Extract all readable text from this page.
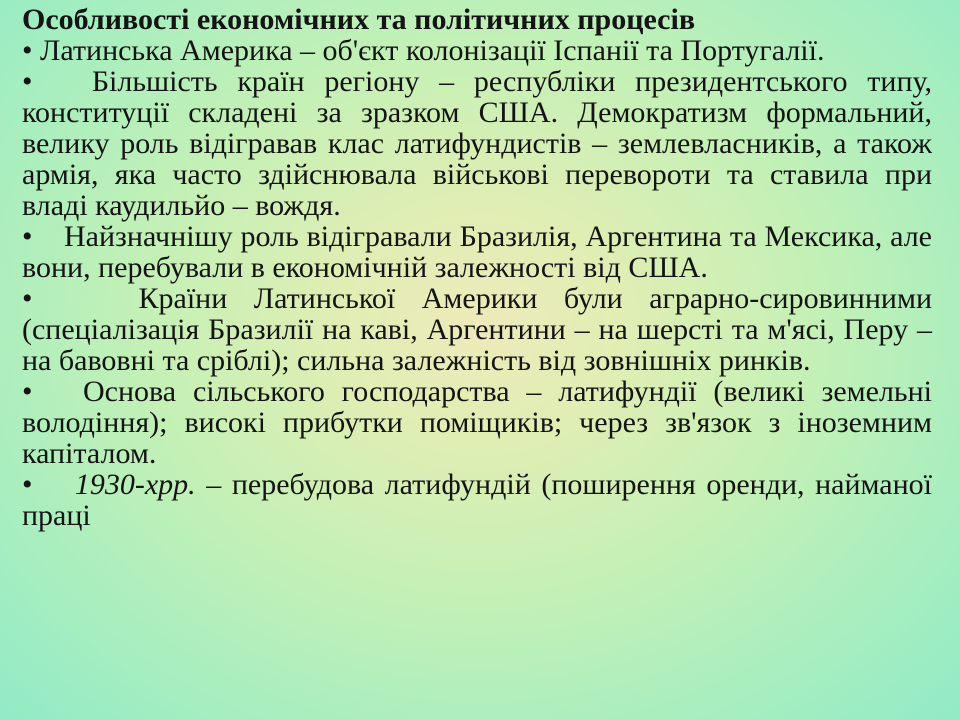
Особливості економічних та політичних процесів

• Латинська Америка – об'єкт колонізації Іспанії та Португалії.

• Більшість країн регіону – республіки президентського типу, конституції складені за зразком США. Демократизм формальний, велику роль відігравав клас латифундистів – землевласників, а також армія, яка часто здійснювала військові перевороти та ставила при владі каудильйо – вождя.

• Найзначнішу роль відігравали Бразилія, Аргентина та Мексика, але вони, перебували в економічній залежності від США.

•	Країни Латинської Америки були аграрно-сировинними (спеціалізація Бразилії на каві, Аргентини – на шерсті та м'ясі, Перу – на бавовні та сріблі); сильна залежність від зовнішніх ринків.

• Основа сільського господарства – латифундії (великі земельні володіння); високі прибутки поміщиків; через зв'язок з іноземним капіталом.

• 1930-хрр. – перебудова латифундій (поширення оренди, найманої праці
